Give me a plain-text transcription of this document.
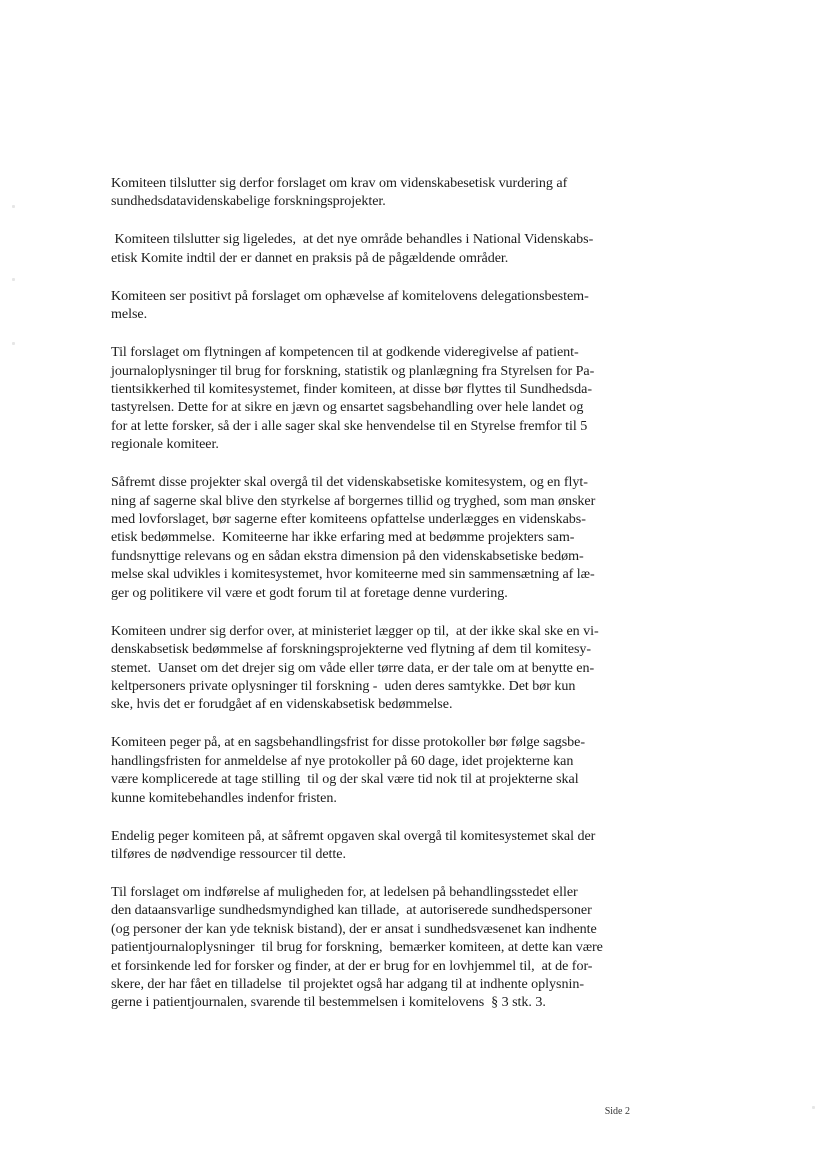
Komiteen tilslutter sig derfor forslaget om krav om videnskabesetisk vurdering af
sundhedsdatavidenskabelige forskningsprojekter.

Komiteen tilslutter sig ligeledes,  at det nye område behandles i National Videnskabs-
etisk Komite indtil der er dannet en praksis på de pågældende områder.

Komiteen ser positivt på forslaget om ophævelse af komitelovens delegationsbestem-
melse.

Til forslaget om flytningen af kompetencen til at godkende videregivelse af patient-
journaloplysninger til brug for forskning, statistik og planlægning fra Styrelsen for Pa-
tientsikkerhed til komitesystemet, finder komiteen, at disse bør flyttes til Sundhedsda-
tastyrelsen. Dette for at sikre en jævn og ensartet sagsbehandling over hele landet og
for at lette forsker, så der i alle sager skal ske henvendelse til en Styrelse fremfor til 5
regionale komiteer.

Såfremt disse projekter skal overgå til det videnskabsetiske komitesystem, og en flyt-
ning af sagerne skal blive den styrkelse af borgernes tillid og tryghed, som man ønsker
med lovforslaget, bør sagerne efter komiteens opfattelse underlægges en videnskabs-
etisk bedømmelse.  Komiteerne har ikke erfaring med at bedømme projekters sam-
fundsnyttige relevans og en sådan ekstra dimension på den videnskabsetiske bedøm-
melse skal udvikles i komitesystemet, hvor komiteerne med sin sammensætning af læ-
ger og politikere vil være et godt forum til at foretage denne vurdering.

Komiteen undrer sig derfor over, at ministeriet lægger op til,  at der ikke skal ske en vi-
denskabsetisk bedømmelse af forskningsprojekterne ved flytning af dem til komitesy-
stemet.  Uanset om det drejer sig om våde eller tørre data, er der tale om at benytte en-
keltpersoners private oplysninger til forskning -  uden deres samtykke. Det bør kun
ske, hvis det er forudgået af en videnskabsetisk bedømmelse.

Komiteen peger på, at en sagsbehandlingsfrist for disse protokoller bør følge sagsbe-
handlingsfristen for anmeldelse af nye protokoller på 60 dage, idet projekterne kan
være komplicerede at tage stilling  til og der skal være tid nok til at projekterne skal
kunne komitebehandles indenfor fristen.

Endelig peger komiteen på, at såfremt opgaven skal overgå til komitesystemet skal der
tilføres de nødvendige ressourcer til dette.

Til forslaget om indførelse af muligheden for, at ledelsen på behandlingsstedet eller
den dataansvarlige sundhedsmyndighed kan tillade,  at autoriserede sundhedspersoner
(og personer der kan yde teknisk bistand), der er ansat i sundhedsvæsenet kan indhente
patientjournaloplysninger  til brug for forskning,  bemærker komiteen, at dette kan være
et forsinkende led for forsker og finder, at der er brug for en lovhjemmel til,  at de for-
skere, der har fået en tilladelse  til projektet også har adgang til at indhente oplysnin-
gerne i patientjournalen, svarende til bestemmelsen i komitelovens  § 3 stk. 3.

Side 2
